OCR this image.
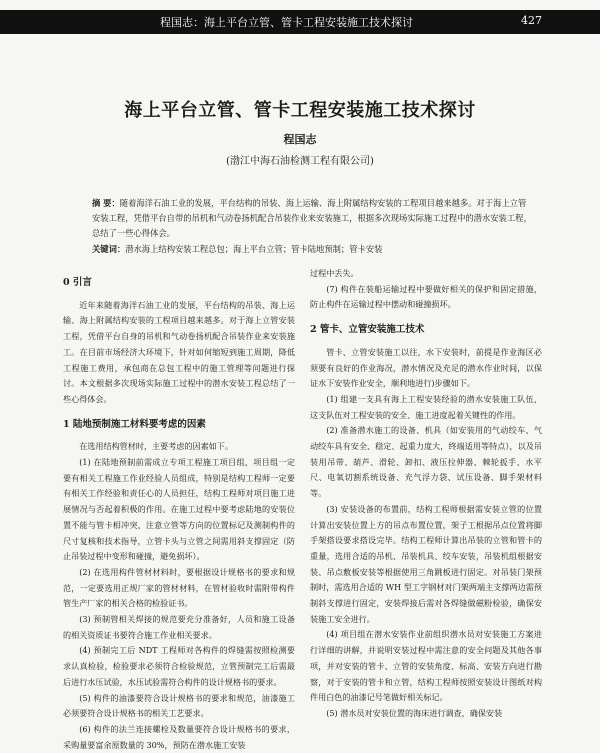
程国志：海上平台立管、管卡工程安装施工技术探讨	427
海上平台立管、管卡工程安装施工技术探讨
程国志
(渤江中海石油检测工程有限公司)
摘 要：随着海洋石油工业的发展，平台结构的吊装、海上运输、海上附属结构安装的工程项目越来越多。对于海上立管安装工程，凭借平台自带的吊机和气动卷扬机配合吊装作业来安装施工，根据多次现场实际施工过程中的潜水安装工程，总结了一些心得体会。
关键词：潜水海上结构安装工程总包；海上平台立管；管卡陆地预制；管卡安装
0 引言

近年来随着海洋石油工业的发展，平台结构的吊装、海上运输、海上附属结构安装的工程项目越来越多。对于海上立管安装工程，凭借平台自身的吊机和气动卷扬机配合吊装作业来安装施工。在目前市场经济大环境下，针对如何缩短到施工周期，降低工程施工费用，承包商在总包工程中的施工管理等问题进行探讨。本文根据多次现场实际施工过程中的潜水安装工程总结了一些心得体会。

1 陆地预制施工材料要考虑的因素

在选用结构管材时，主要考虑的因素如下。

(1) 在陆地预制前需成立专项工程施工项目组，项目组一定要有相关工程施工作业经验人员组成，特别是结构工程师一定要有相关工作经验和责任心的人员担任，结构工程师对项目施工进展情况与否起着积极的作用。在施工过程中要考虑陆地的安装位置不能与管卡相冲突，注意立管等方向的位置标记及测制构件的尺寸复核和技术指导，立管卡头与立管之间需用斜支撑固定（防止吊装过程中变形和碰撞，避免损坏）。

(2) 在选用构件管材材料时，要根据设计规格书的要求和规范，一定要选用正规厂家的管材材料，在管材验收时需附带构件管生产厂家的相关合格的检验证书。

(3) 预制管相关焊接的规范要充分准备好，人员和施工设备的相关资质证书要符合施工作业相关要求。

(4) 预制完工后 NDT 工程师对各构件的焊缝需按照检测要求认真检验，检验要求必须符合检验规范，立管预制完工后需最后进行水压试验，水压试验需符合构件的设计规格书的要求。

(5) 构件的油漆要符合设计规格书的要求和规范，油漆施工必须要符合设计规格书的相关工艺要求。

(6) 构件的法兰连接螺栓及数量要符合设计规格书的要求，采购量要富余原数量的 30%，预防在潜水施工安装

过程中丢失。

(7) 构件在装船运输过程中要做好相关的保护和固定措施，防止构件在运输过程中摆动和碰撞损坏。

2 管卡、立管安装施工技术

管卡、立管安装施工以往，水下安装时，前提是作业海区必须要有良好的作业海况，潜水情况及充足的潜水作业时间，以保证水下安装作业安全，顺利地进行)步骤如下。

(1) 组建一支具有海上工程安装经验的潜水安装施工队伍，这支队伍对工程安装的安全、施工进度起着关键性的作用。

(2) 准备潜水施工的设备、机具（如安装用的气动绞车、气动绞车具有安全、稳定、起重力度大，终端适用等特点），以及吊装用吊带、葫芦、滑轮、卸扣、液压拉伸器、棘轮扳手、水平尺、电氧切割系统设备、充气浮力袋、试压设备、脚手架材料等。

(3) 安装设备的布置前，结构工程师根据需安装立管的位置计算出安装位置上方的吊点布置位置，架子工根据吊点位置将脚手架搭设要求搭设完毕。结构工程师计算出吊装的立管和管卡的重量，选用合适的吊机、吊装机具、绞车安装，吊装机组根据安装、吊点敷板安装等根据使用三角跳板进行固定。对吊装门架预制时，需选用合适的 WH 型工字钢材对门架两端主支撑两边需预制斜支撑进行固定，安装焊接后需对各焊缝做磁粉检验，确保安装施工安全进行。

(4) 项目组在潜水安装作业前组织潜水员对安装施工方案进行详细的讲解，并说明安装过程中需注意的安全问题及其他各事项，并对安装的管卡、立管的安装角度、标高、安装方向进行勘察，对于安装的管卡和立管，结构工程师按照安装设计图纸对构件用白色的油漆记号笔做好相关标记。

(5) 潜水员对安装位置的海床进行调查，确保安装
